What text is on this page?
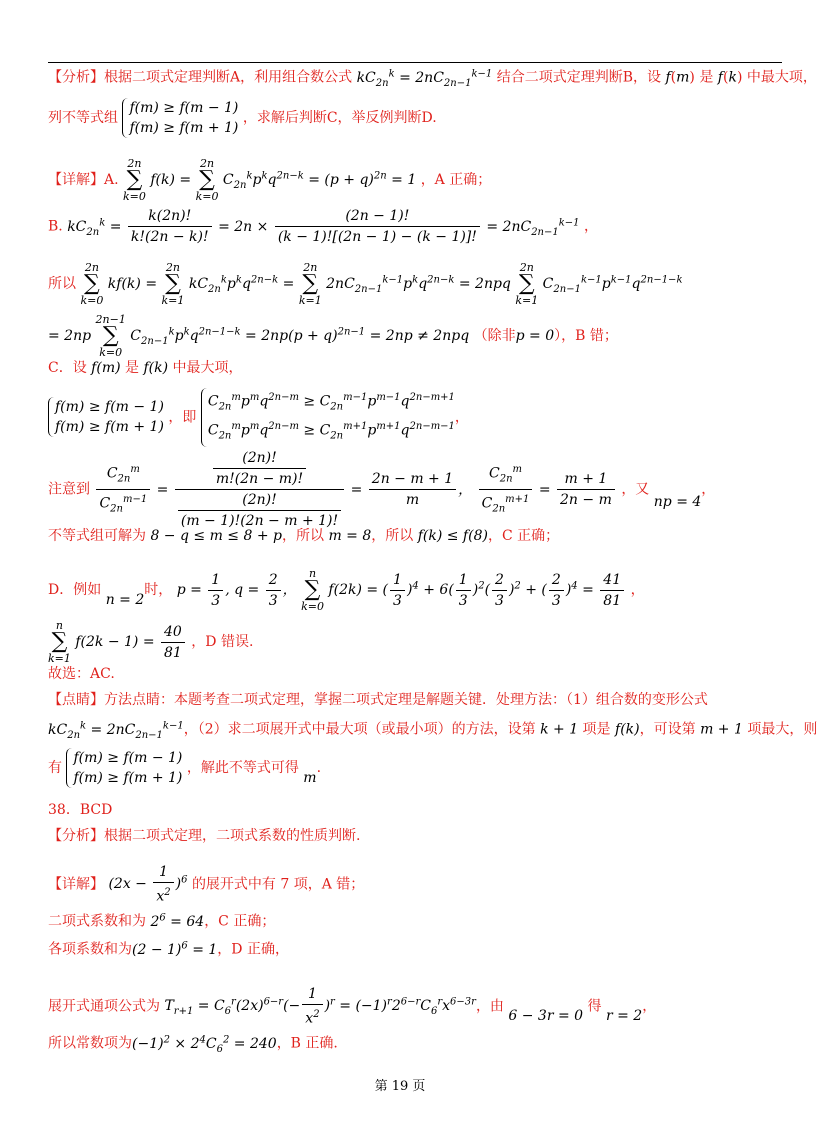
【分析】根据二项式定理判断A，利用组合数公式 $kC_{2n}^k = 2nC_{2n-1}^{k-1}$ 结合二项式定理判断B，设 f(m) 是 f(k) 中最大项，
列不等式组 f(m) ≥ f(m − 1)
f(m) ≥ f(m + 1) ，求解后判断C，举反例判断D.
【详解】A. 2n
∑
k=0 f(k) = 2n
∑
k=0 $C_{2n}^kp^kq^{2n-k} = (p + q)^{2n} = 1$ ，A 正确；
B. $kC_{2n}^k = \frac{k(2n)!}{k!(2n - k)!} = 2n \times \frac{(2n - 1)!}{(k - 1)![(2n - 1) - (k - 1)]!} = 2nC_{2n-1}^{k-1}$ ，
所以 2n
∑
k=0 kf(k) = 2n
∑
k=1 $kC_{2n}^kp^kq^{2n-k} = 2n$
∑
k=1 $2nC_{2n-1}^{k-1}p^kq^{2n-k} = 2npq$ 2n
∑
k=1 $C_{2n-1}^{k-1}p^{k-1}q^{2n-1-k}$
= 2np 2n−1
∑
k=0 $C_{2n-1}^kp^kq^{2n-1-k} = 2np(p + q)^{2n-1} = 2np \ne 2npq$ （除非p = 0），B 错；
C．设 f(m) 是 f(k) 中最大项，
f(m) ≥ f(m − 1)
f(m) ≥ f(m + 1) ，即 $C_{2n}^mp^mq^{2n-m} \ge C_{2n}^{m-1}p^{m-1}q^{2n-m+1}$
$C_{2n}^mp^mq^{2n-m} \ge C_{2n}^{m+1}p^{m+1}q^{2n-m-1}$，
注意到 $\frac{C_{2n}^m}{C_{2n}^{m-1}} = \frac{\frac{(2n)!}{m!(2n - m)!}}{\frac{(2n)!}{(m - 1)!(2n - m + 1)!}} = \frac{2n - m + 1}{m}$ ， $\frac{C_{2n}^m}{C_{2n}^{m+1}} = \frac{m + 1}{2n - m}$ ，又 np = 4，
不等式组可解为 8 − q ≤ m ≤ 8 + p，所以 m = 8，所以 f(k) ≤ f(8)，C 正确；
D．例如 n = 2时， $p = \frac{1}{3}$ , $q = \frac{2}{3}$ ， n
∑
k=0 f(2k) = ( $\frac{1}{3} )^4 + 6( \frac{1}{3} )^2( \frac{2}{3} )^2$ + ( $\frac{2}{3} )^4 = \frac{41}{81}$ ，
n
∑
k=1 $f(2k - 1) = \frac{40}{81}$ ，D 错误.
故选：AC.
【点睛】方法点睛：本题考查二项式定理，掌握二项式定理是解题关键．处理方法：（1）组合数的变形公式
$kC_{2n}^k = 2nC_{2n-1}^{k-1}$，（2）求二项展开式中最大项（或最小项）的方法，设第 k + 1 项是 f(k)，可设第 m + 1 项最大，则
有 f(m) ≥ f(m − 1)
f(m) ≥ f(m + 1) ，解此不等式可得 m.
38．BCD
【分析】根据二项式定理，二项式系数的性质判断.
【详解】 $(2x - \frac{1}{x^2} )^6$ 的展开式中有 7 项，A 错；
二项式系数和为 $2^6 = 64$，C 正确；
各项系数和为$(2 - 1)^6 = 1$，D 正确，
展开式通项公式为 $T_{r+1} = C_6^r(2x)^{6-r}(- \frac{1}{x^2} )^r = (-1)^r2^{6-r}C_6^rx^{6-3r}$，由 6 − 3r = 0 得 r = 2，
所以常数项为$(-1)^2 \times 2^4C_6^2 = 240$，B 正确.
第 19 页
